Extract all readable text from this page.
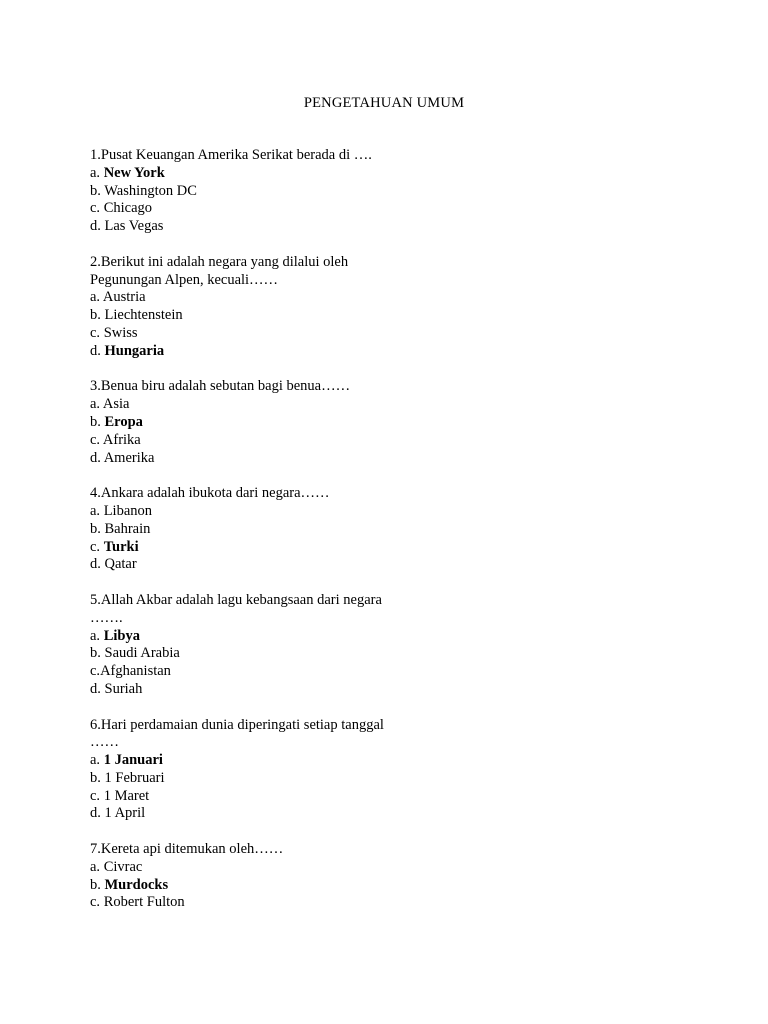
PENGETAHUAN UMUM
1.Pusat Keuangan Amerika Serikat berada di ….
a. New York
b. Washington DC
c. Chicago
d. Las Vegas
2.Berikut ini adalah negara yang dilalui oleh
Pegunungan Alpen, kecuali……
a. Austria
b. Liechtenstein
c. Swiss
d. Hungaria
3.Benua biru adalah sebutan bagi benua……
a. Asia
b. Eropa
c. Afrika
d. Amerika
4.Ankara adalah ibukota dari negara……
a. Libanon
b. Bahrain
c. Turki
d. Qatar
5.Allah Akbar adalah lagu kebangsaan dari negara
…….
a. Libya
b. Saudi Arabia
c.Afghanistan
d. Suriah
6.Hari perdamaian dunia diperingati setiap tanggal
……
a. 1 Januari
b. 1 Februari
c. 1 Maret
d. 1 April
7.Kereta api ditemukan oleh……
a. Civrac
b. Murdocks
c. Robert Fulton
